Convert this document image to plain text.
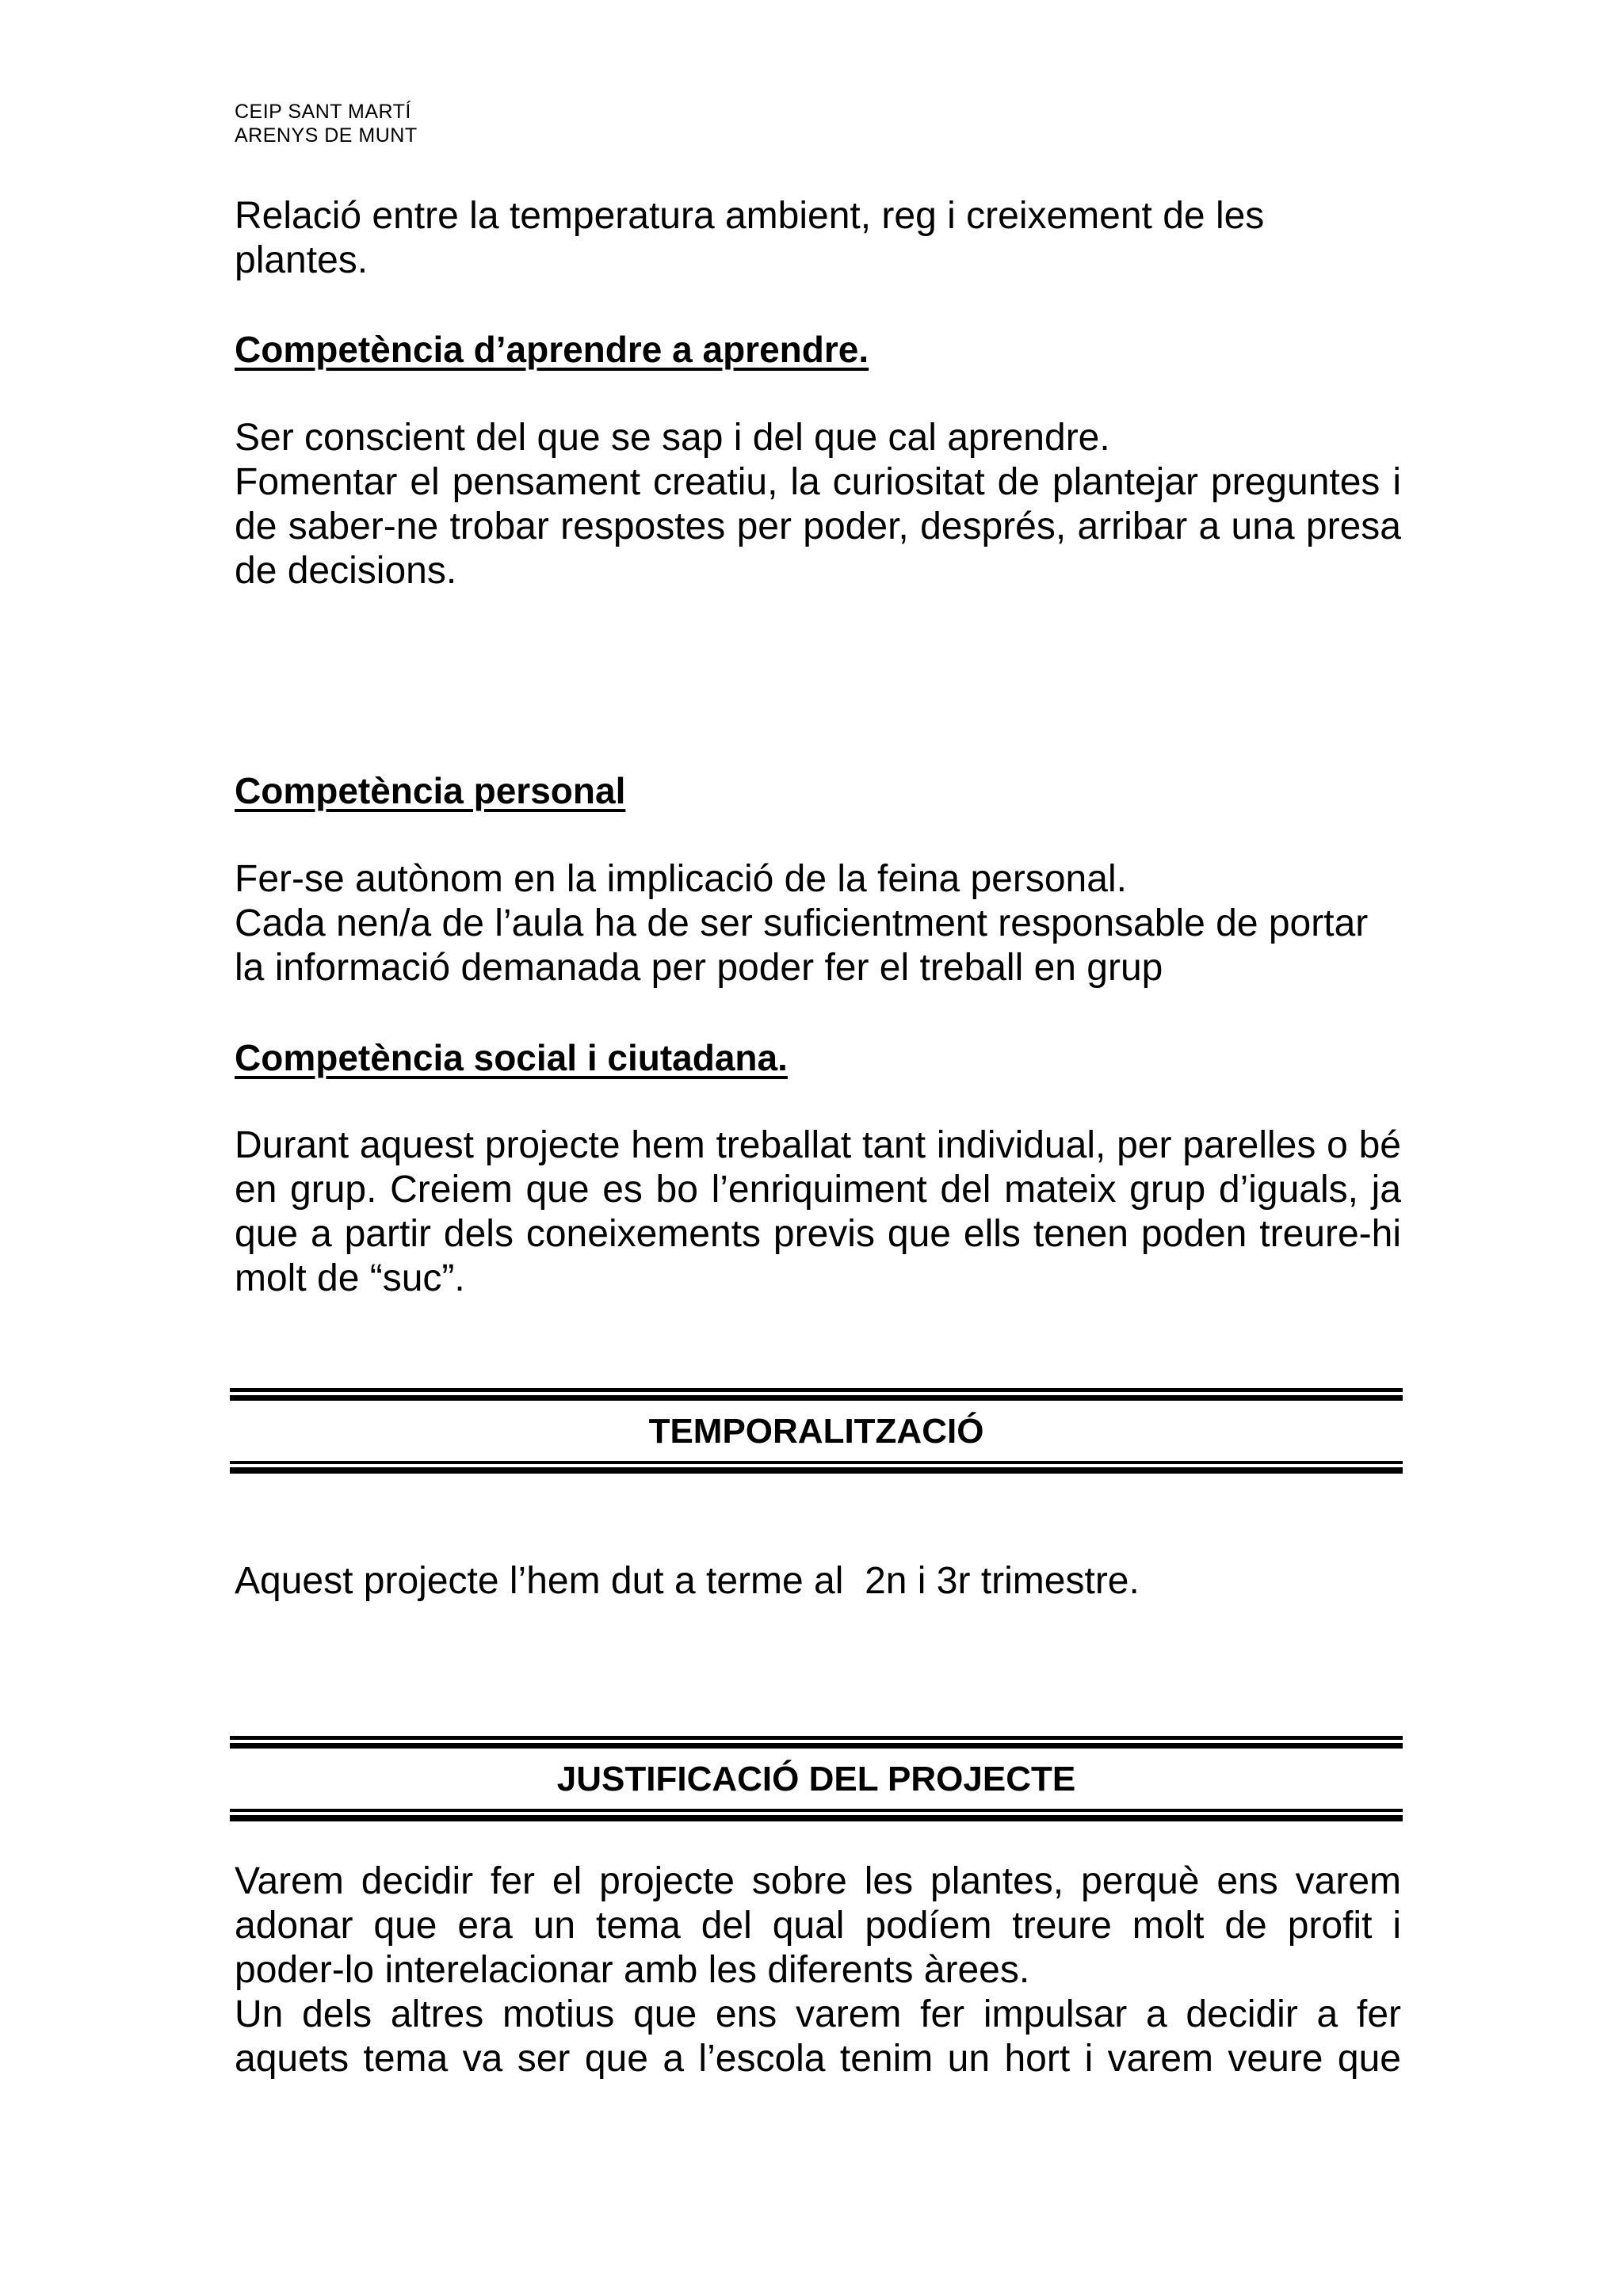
CEIP SANT MARTÍ
ARENYS DE MUNT

Relació entre la temperatura ambient, reg i creixement de les

plantes.

Competència d’aprendre a aprendre.

Ser conscient del que se sap i del que cal aprendre.

Fomentar el pensament creatiu, la curiositat de plantejar preguntes i de saber-ne trobar respostes per poder, després, arribar a una presa de decisions.

Competència personal

Fer-se autònom en la implicació de la feina personal.

Cada nen/a de l’aula ha de ser suficientment responsable de portar la informació demanada per poder fer el treball en grup

Competència social i ciutadana.

Durant aquest projecte hem treballat tant individual, per parelles o bé en grup. Creiem que es bo l’enriquiment del mateix grup d’iguals, ja que a partir dels coneixements previs que ells tenen poden treure-hi molt de “suc”.

TEMPORALITZACIÓ

Aquest projecte l’hem dut a terme al  2n i 3r trimestre.

JUSTIFICACIÓ DEL PROJECTE

Varem decidir fer el projecte sobre les plantes, perquè ens varem adonar que era un tema del qual podíem treure molt de profit i poder-lo interelacionar amb les diferents àrees.

Un dels altres motius que ens varem fer impulsar a decidir a fer aquets tema va ser que a l’escola tenim un hort i varem veure que
